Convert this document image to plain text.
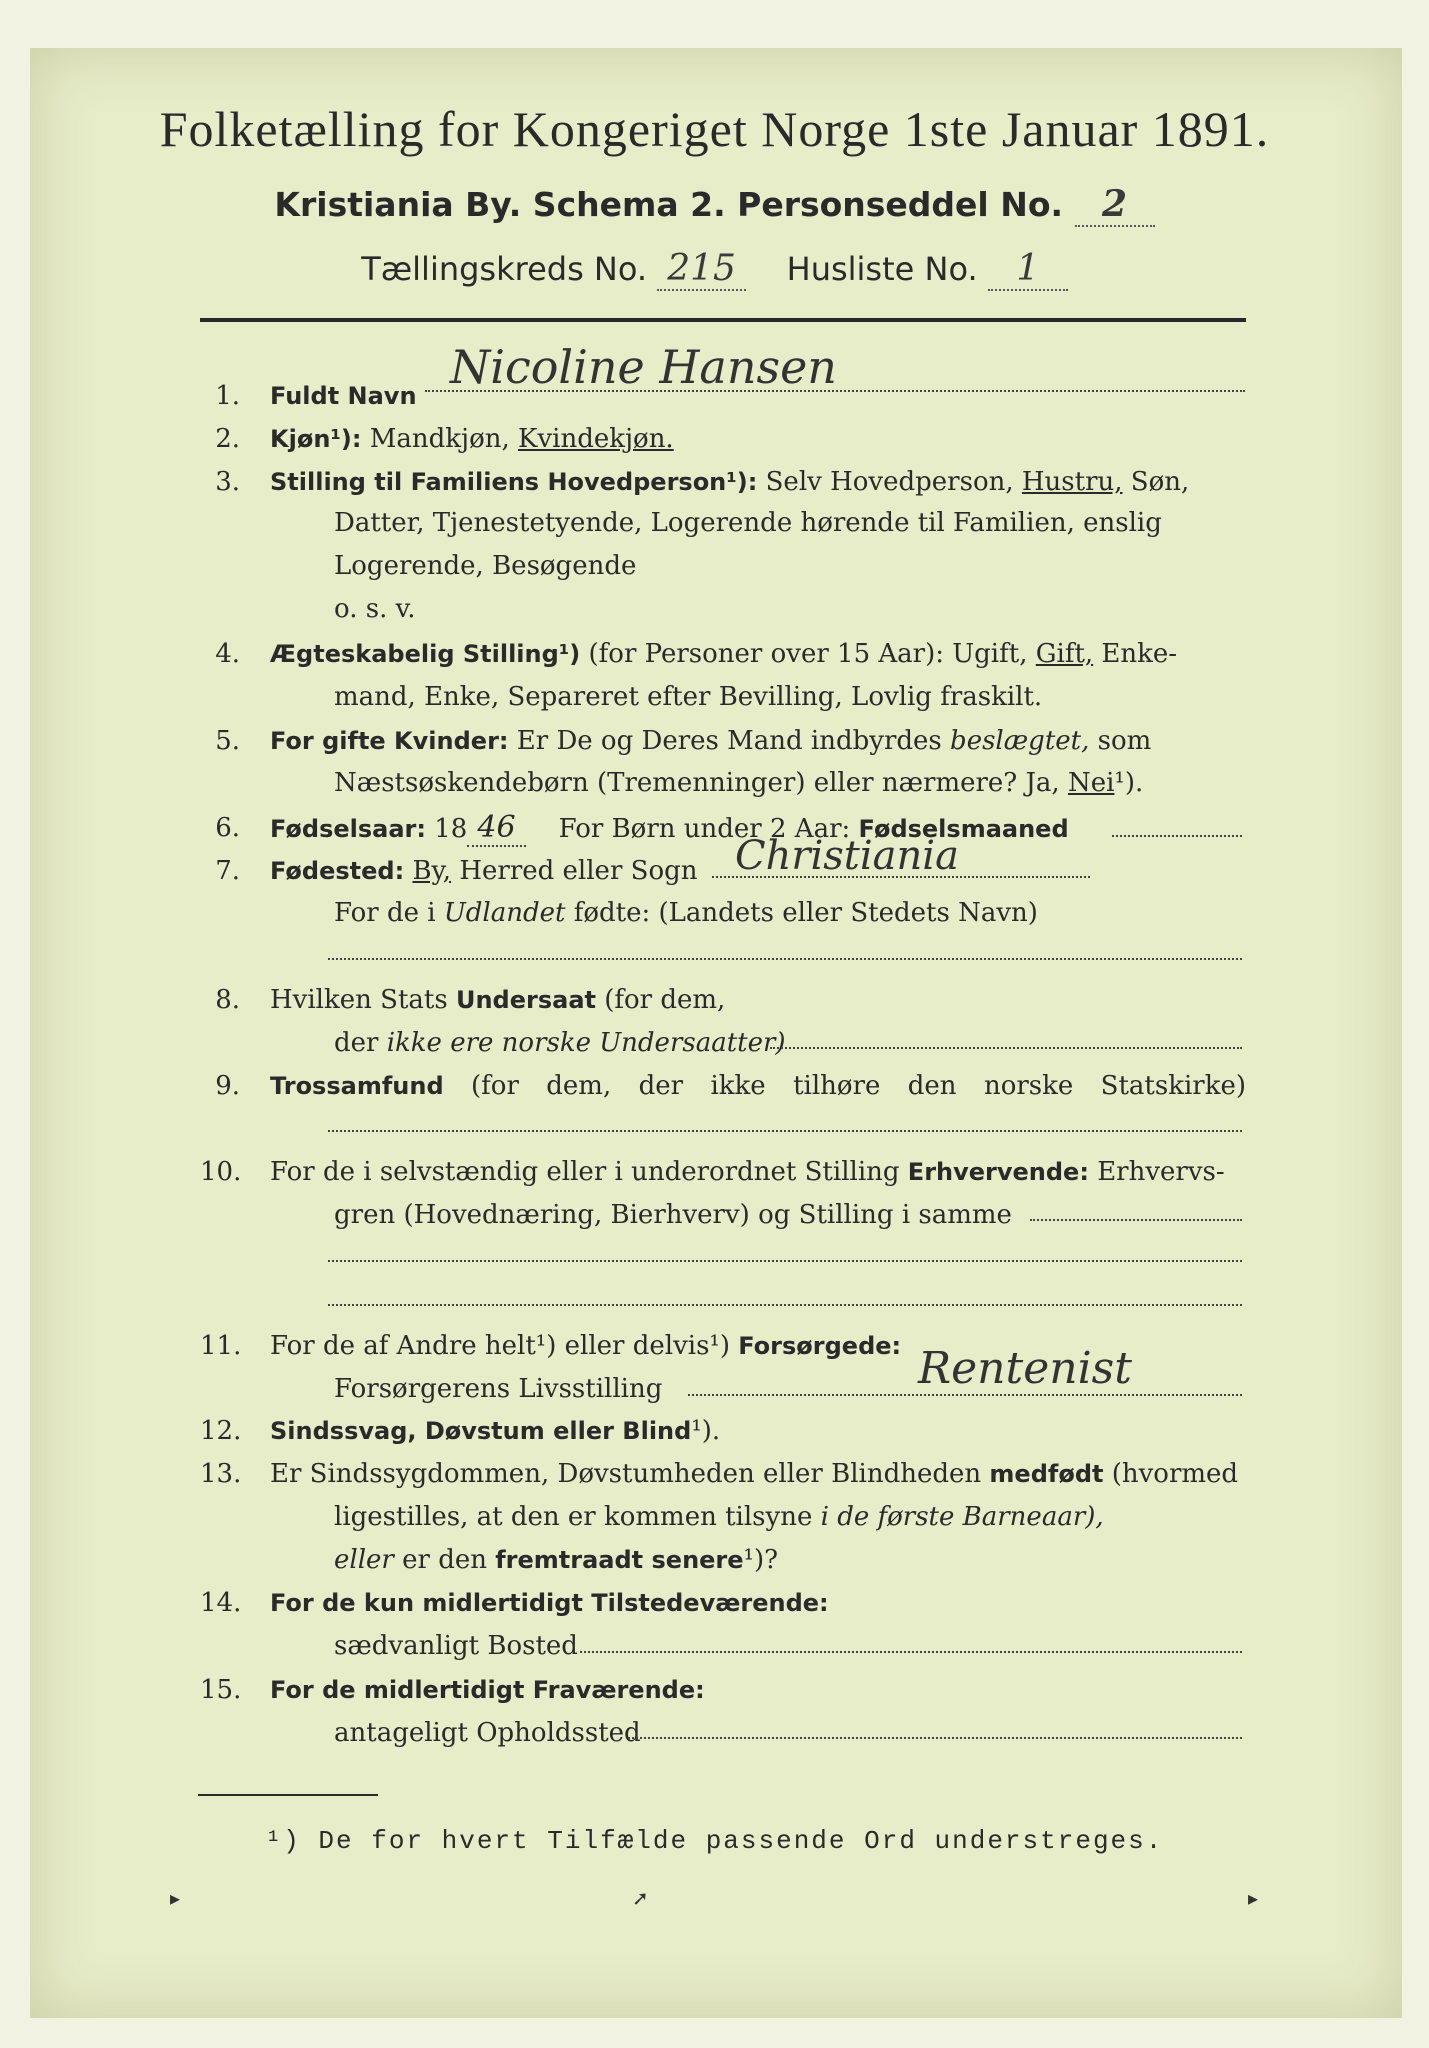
Folketælling for Kongeriget Norge 1ste Januar 1891.
Kristiania By. Schema 2. Personseddel No. 2
Tællingskreds No. 215 Husliste No. 1
1. Fuldt Navn
Nicoline Hansen
2. Kjøn¹): Mandkjøn, Kvindekjøn.
3. Stilling til Familiens Hovedperson¹): Selv Hovedperson, Hustru, Søn,
Datter, Tjenestetyende, Logerende hørende til Familien, enslig
Logerende, Besøgende
o. s. v.
4. Ægteskabelig Stilling¹) (for Personer over 15 Aar): Ugift, Gift, Enke-
mand, Enke, Separeret efter Bevilling, Lovlig fraskilt.
5. For gifte Kvinder: Er De og Deres Mand indbyrdes beslægtet, som
Næstsøskendebørn (Tremenninger) eller nærmere? Ja, Nei¹).
6. Fødselsaar: 18 46 For Børn under 2 Aar: Fødselsmaaned
7. Fødested: By, Herred eller Sogn Christiania
For de i Udlandet fødte: (Landets eller Stedets Navn)
8. Hvilken Stats Undersaat (for dem,
der ikke ere norske Undersaatter)
9. Trossamfund (for dem, der ikke tilhøre den norske Statskirke)
10. For de i selvstændig eller i underordnet Stilling Erhvervende: Erhvervs-
gren (Hovednæring, Bierhverv) og Stilling i samme
11. For de af Andre helt¹) eller delvis¹) Forsørgede:
Forsørgerens Livsstilling	Rentenist
12. Sindssvag, Døvstum eller Blind¹).
13. Er Sindssygdommen, Døvstumheden eller Blindheden medfødt (hvormed
ligestilles, at den er kommen tilsyne i de første Barneaar),
eller er den fremtraadt senere¹)?
14. For de kun midlertidigt Tilstedeværende:
sædvanligt Bosted
15. For de midlertidigt Fraværende:
antageligt Opholdssted
¹) De for hvert Tilfælde passende Ord understreges.
▸	➚	▸
